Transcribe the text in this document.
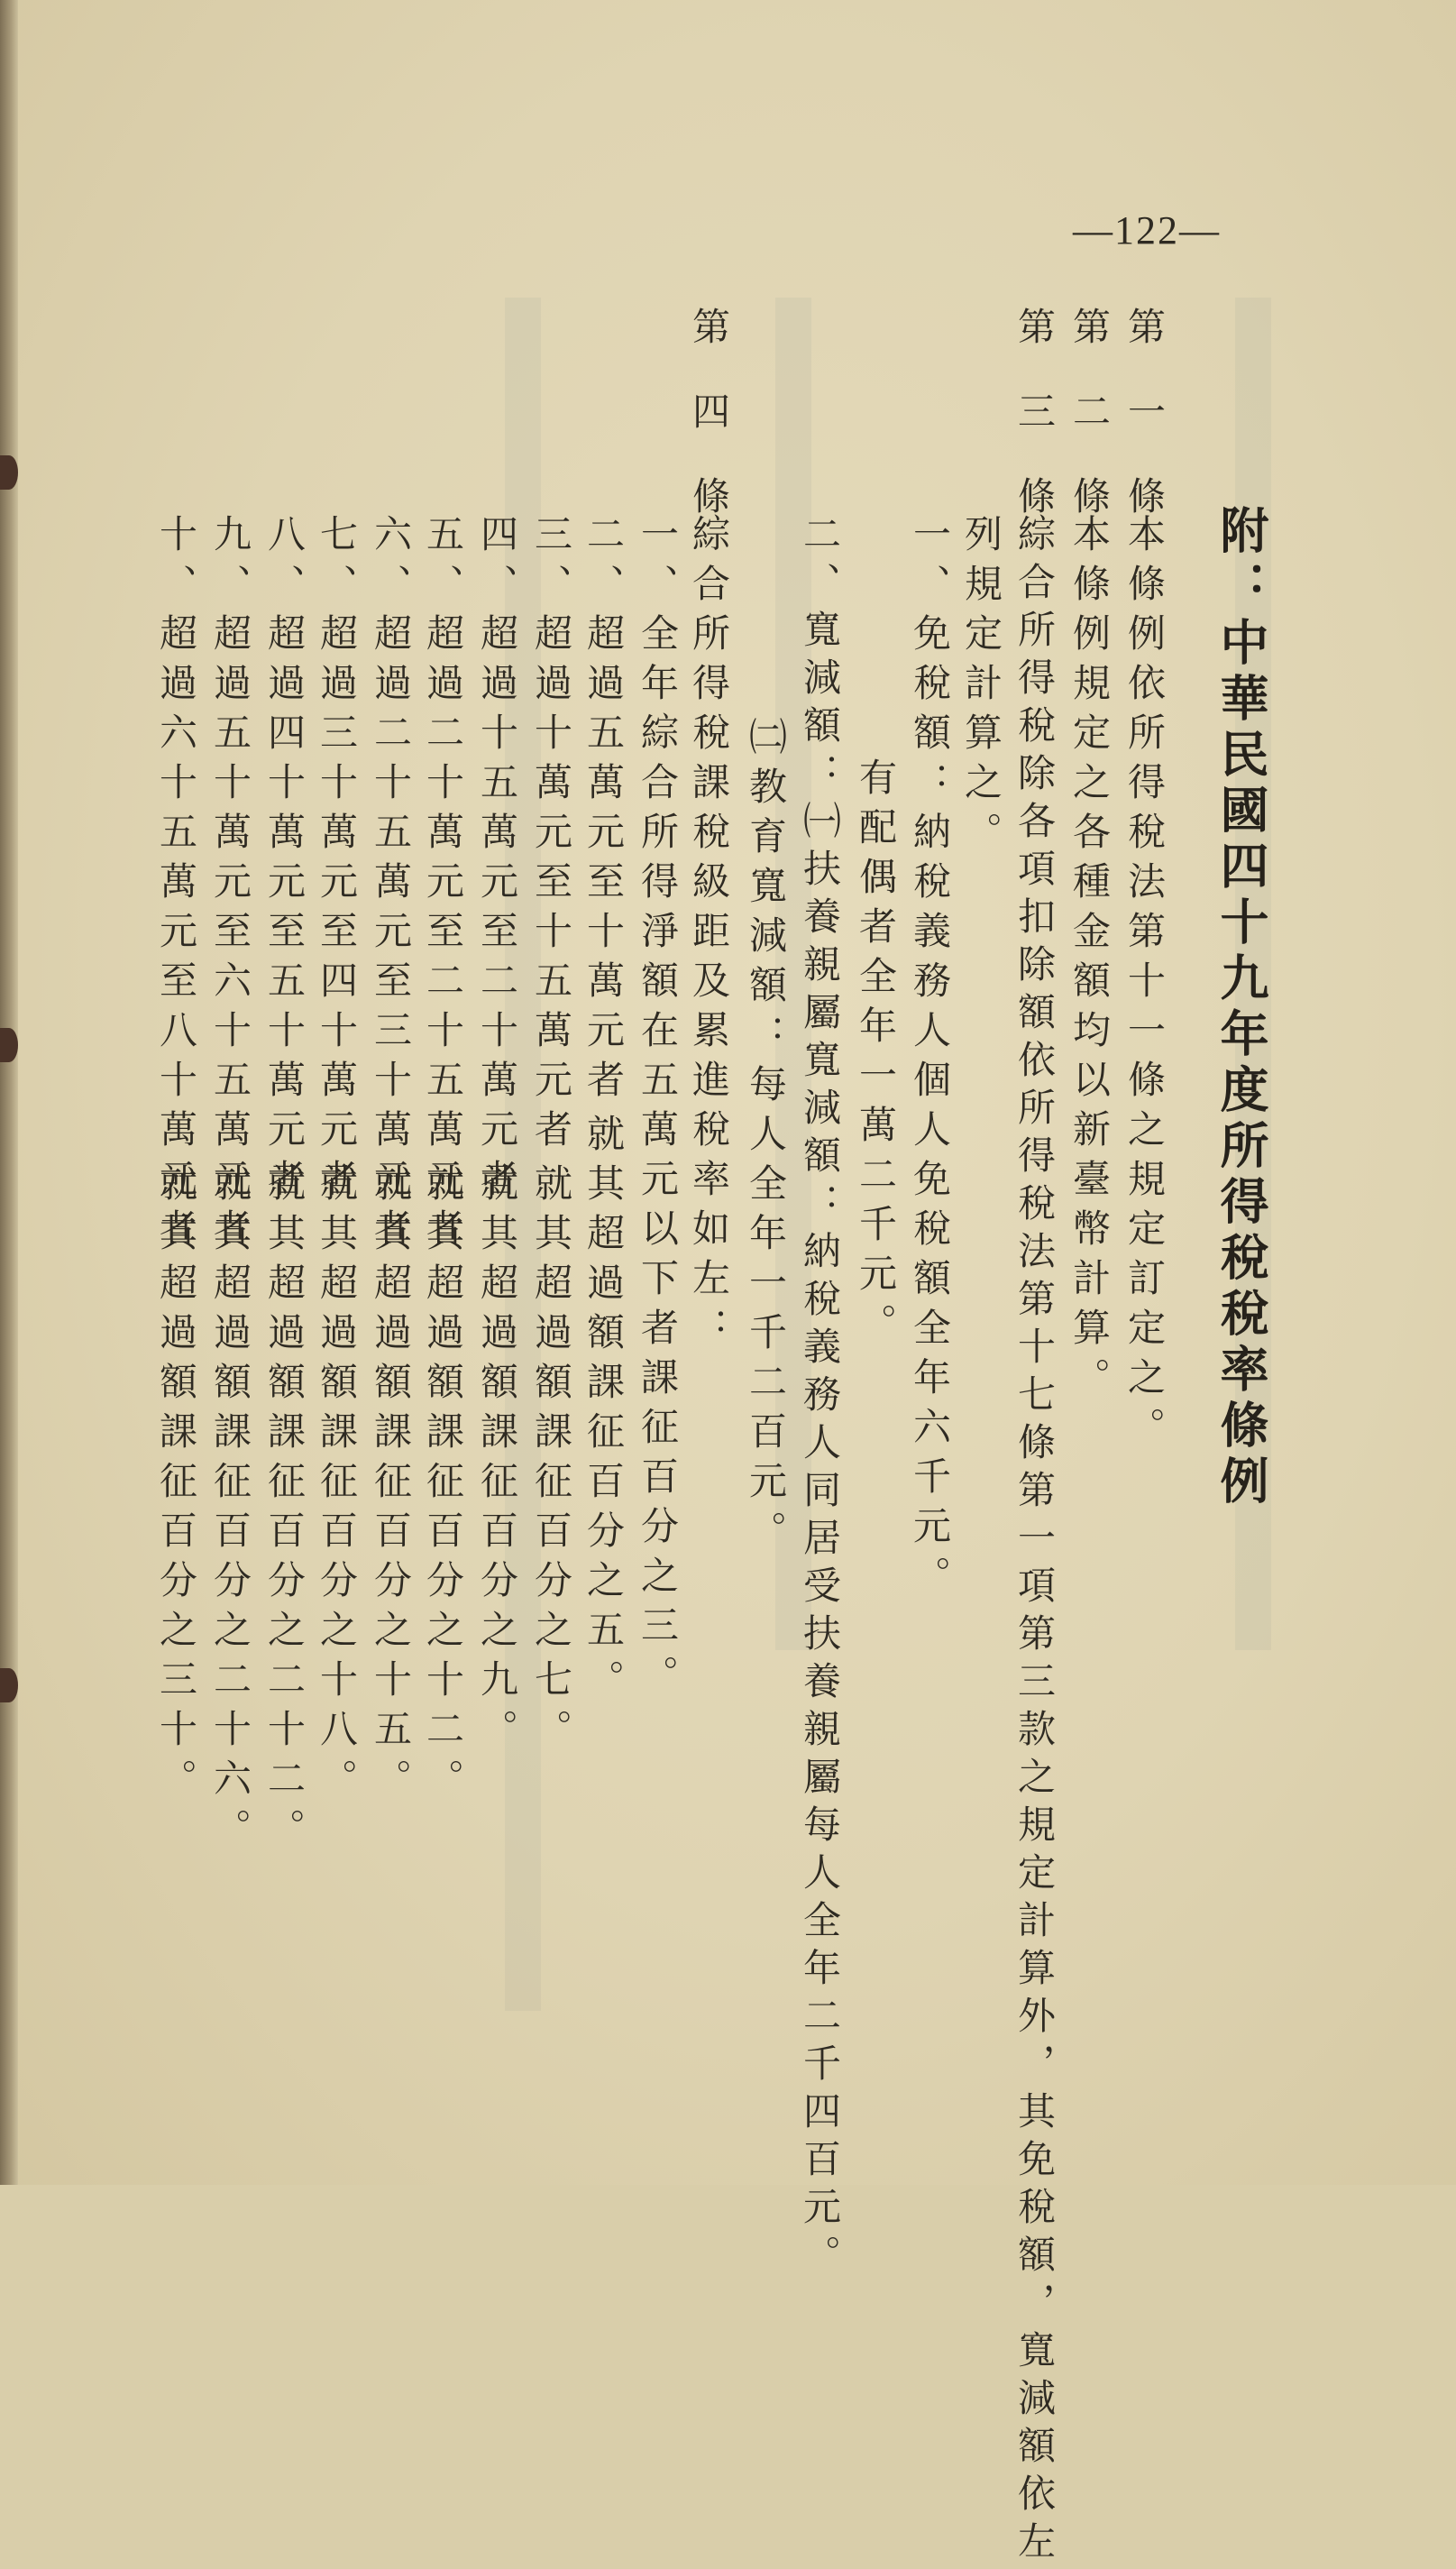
—122—
附：中華民國四十九年度所得稅稅率條例
第一條
本條例依所得稅法第十一條之規定訂定之。
第二條
本條例規定之各種金額均以新臺幣計算。
第三條
綜合所得稅除各項扣除額依所得稅法第十七條第一項第三款之規定計算外，其免稅額，寬減額依左
列規定計算之。
一、免稅額：納稅義務人個人免稅額全年六千元。
有配偶者全年一萬二千元。
二、寬減額：㈠扶養親屬寬減額：納稅義務人同居受扶養親屬每人全年二千四百元。
㈡教育寬減額：每人全年一千二百元。
第四條
綜合所得稅課稅級距及累進稅率如左：
一、全年綜合所得淨額在五萬元以下者課征百分之三。
二、超過五萬元至十萬元者
就其超過額課征百分之五。
三、超過十萬元至十五萬元者
就其超過額課征百分之七。
四、超過十五萬元至二十萬元者
就其超過額課征百分之九。
五、超過二十萬元至二十五萬元者
就其超過額課征百分之十二。
六、超過二十五萬元至三十萬元者
就其超過額課征百分之十五。
七、超過三十萬元至四十萬元者
就其超過額課征百分之十八。
八、超過四十萬元至五十萬元者
就其超過額課征百分之二十二。
九、超過五十萬元至六十五萬元者
就其超過額課征百分之二十六。
十、超過六十五萬元至八十萬元者
就其超過額課征百分之三十。
